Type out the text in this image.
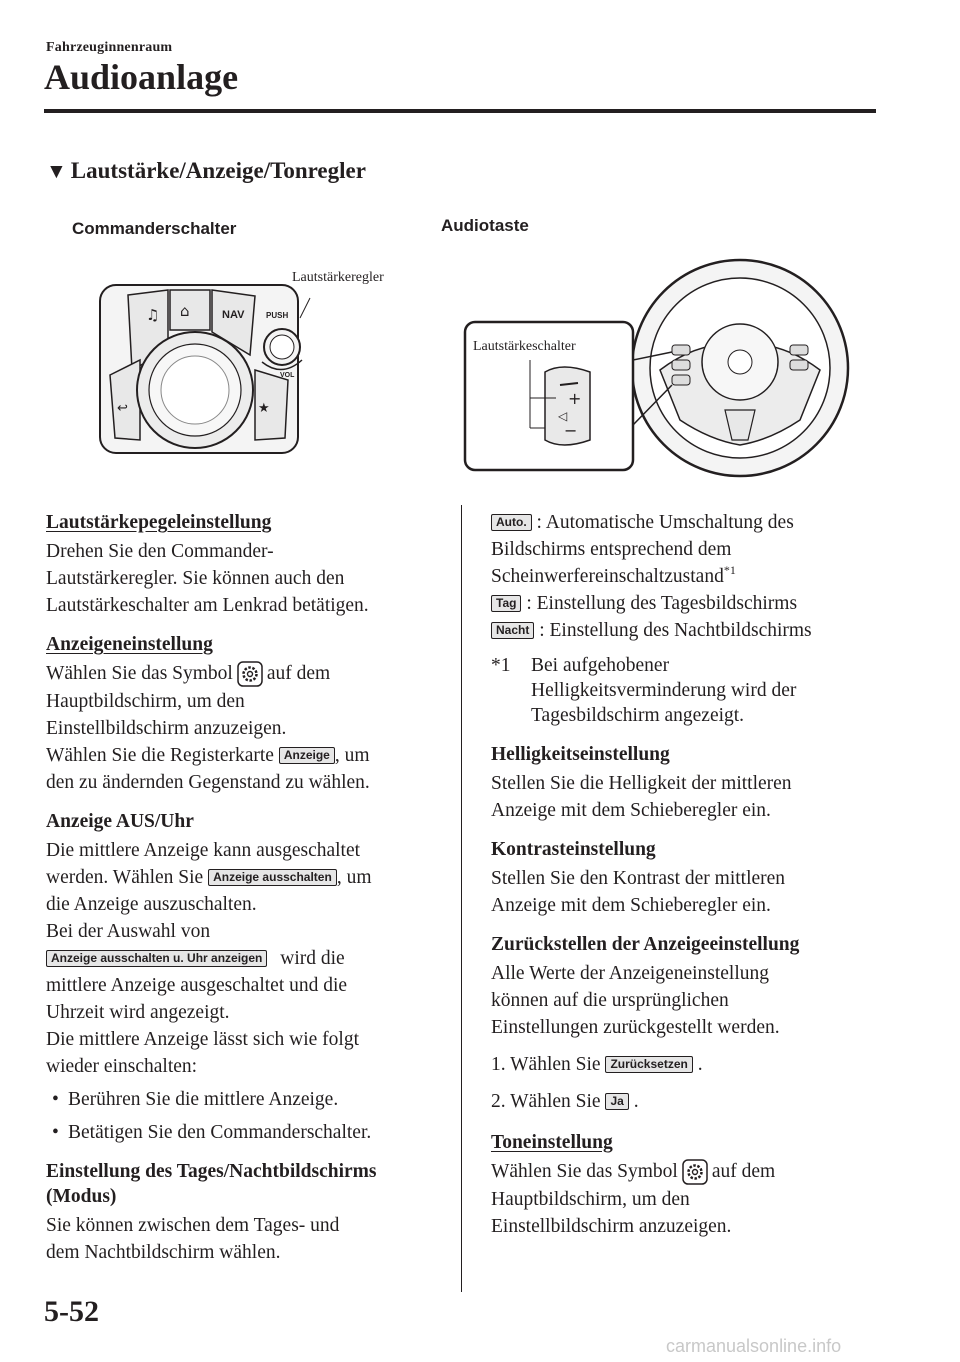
Fahrzeuginnenraum
Audioanlage
▼ Lautstärke/Anzeige/Tonregler
Commanderschalter	Audiotaste
♫ ⌂	NAV
↩	★
PUSH
VOL
+
◁
−
Lautstärkeregler
Lautstärkeschalter
Lautstärkepegeleinstellung
Drehen Sie den Commander-
Lautstärkeregler. Sie können auch den
Lautstärkeschalter am Lenkrad betätigen.
Anzeigeneinstellung
Wählen Sie das Symbol auf dem
Hauptbildschirm, um den
Einstellbildschirm anzuzeigen.
Wählen Sie die Registerkarte Anzeige , um
den zu ändernden Gegenstand zu wählen.
Anzeige AUS/Uhr
Die mittlere Anzeige kann ausgeschaltet
werden. Wählen Sie Anzeige ausschalten , um
die Anzeige auszuschalten.
Bei der Auswahl von
Anzeige ausschalten u. Uhr anzeigen wird die
mittlere Anzeige ausgeschaltet und die
Uhrzeit wird angezeigt.
Die mittlere Anzeige lässt sich wie folgt
wieder einschalten:
• Berühren Sie die mittlere Anzeige.
• Betätigen Sie den Commanderschalter.
Einstellung des Tages/Nachtbildschirms
(Modus)
Sie können zwischen dem Tages- und
dem Nachtbildschirm wählen.
Auto. : Automatische Umschaltung des
Bildschirms entsprechend dem
Scheinwerfereinschaltzustand$^{*1}$
Tag : Einstellung des Tagesbildschirms
Nacht : Einstellung des Nachtbildschirms
*1	Bei aufgehobener
Helligkeitsverminderung wird der
Tagesbildschirm angezeigt.
Helligkeitseinstellung
Stellen Sie die Helligkeit der mittleren
Anzeige mit dem Schieberegler ein.
Kontrasteinstellung
Stellen Sie den Kontrast der mittleren
Anzeige mit dem Schieberegler ein.
Zurückstellen der Anzeigeeinstellung
Alle Werte der Anzeigeneinstellung
können auf die ursprünglichen
Einstellungen zurückgestellt werden.
1. Wählen Sie Zurücksetzen .
2. Wählen Sie Ja .
Toneinstellung
Wählen Sie das Symbol auf dem
Hauptbildschirm, um den
Einstellbildschirm anzuzeigen.
5-52
carmanualsonline.info
